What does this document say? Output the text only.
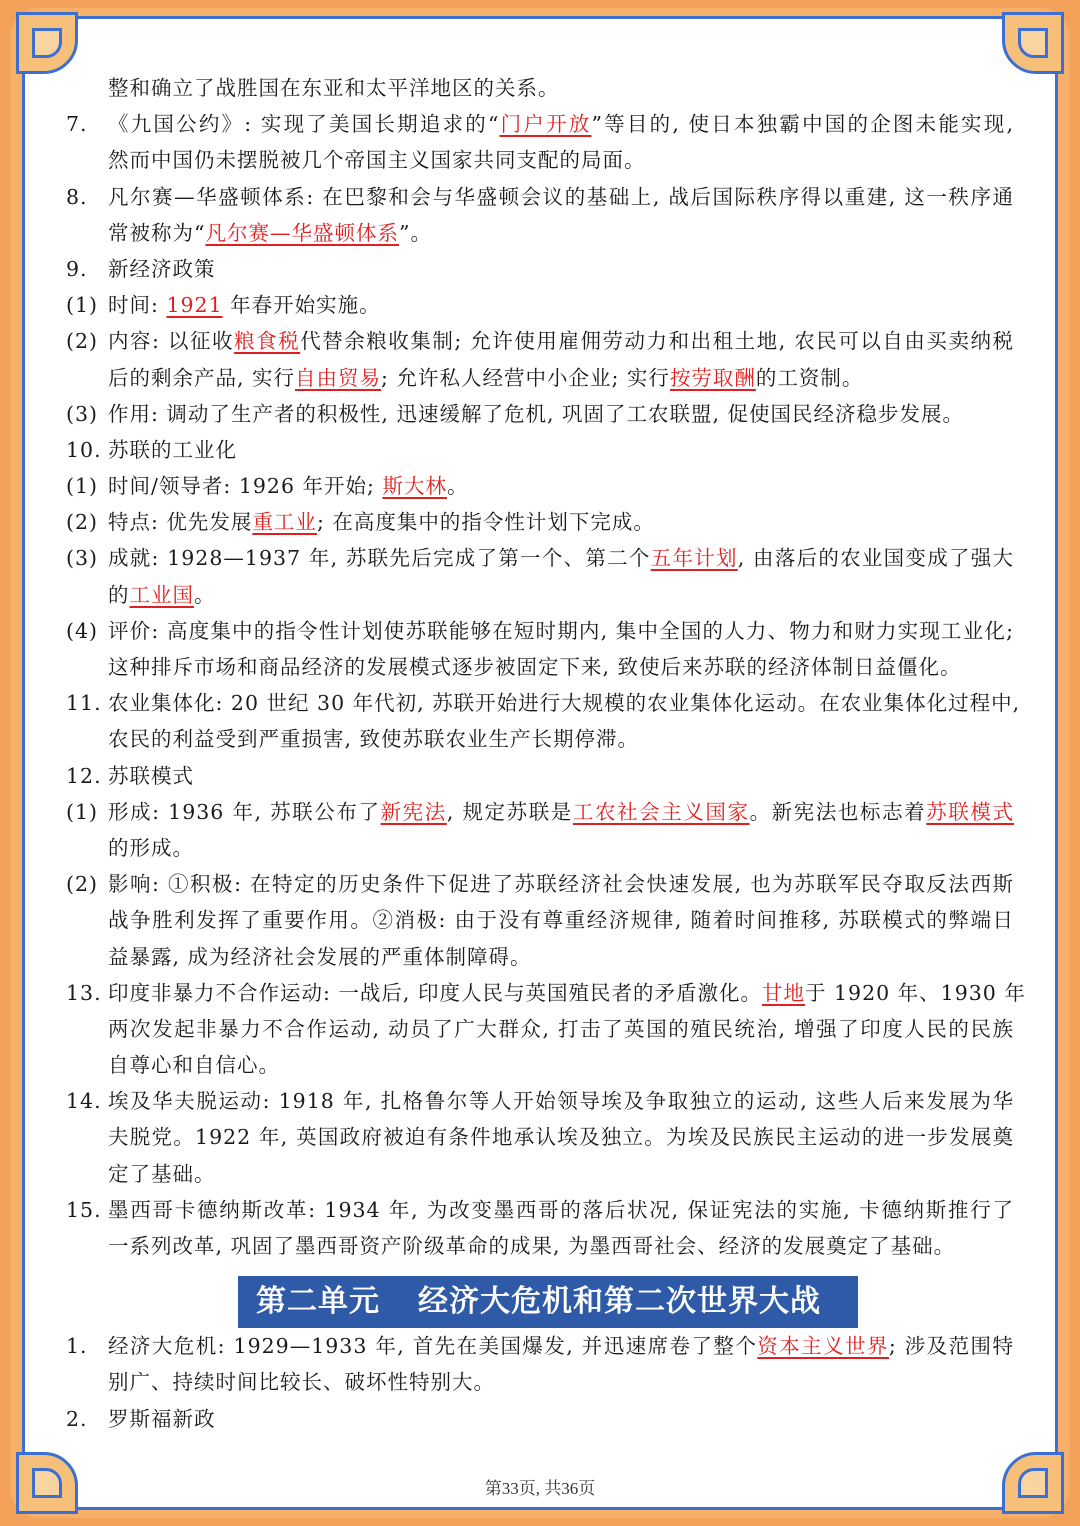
整和确立了战胜国在东亚和太平洋地区的关系。
7. 《九国公约》: 实现了美国长期追求的“门户开放”等目的, 使日本独霸中国的企图未能实现,
然而中国仍未摆脱被几个帝国主义国家共同支配的局面。
8. 凡尔赛—华盛顿体系: 在巴黎和会与华盛顿会议的基础上, 战后国际秩序得以重建, 这一秩序通
常被称为“凡尔赛—华盛顿体系”。
9. 新经济政策
(1) 时间: 1921 年春开始实施。
(2) 内容: 以征收粮食税代替余粮收集制; 允许使用雇佣劳动力和出租土地, 农民可以自由买卖纳税
后的剩余产品, 实行自由贸易; 允许私人经营中小企业; 实行按劳取酬的工资制。
(3) 作用: 调动了生产者的积极性, 迅速缓解了危机, 巩固了工农联盟, 促使国民经济稳步发展。
10. 苏联的工业化
(1) 时间/领导者: 1926 年开始; 斯大林。
(2) 特点: 优先发展重工业; 在高度集中的指令性计划下完成。
(3) 成就: 1928—1937 年, 苏联先后完成了第一个、第二个五年计划, 由落后的农业国变成了强大
的工业国。
(4) 评价: 高度集中的指令性计划使苏联能够在短时期内, 集中全国的人力、物力和财力实现工业化;
这种排斥市场和商品经济的发展模式逐步被固定下来, 致使后来苏联的经济体制日益僵化。
11. 农业集体化: 20 世纪 30 年代初, 苏联开始进行大规模的农业集体化运动。在农业集体化过程中,
农民的利益受到严重损害, 致使苏联农业生产长期停滞。
12. 苏联模式
(1) 形成: 1936 年, 苏联公布了新宪法, 规定苏联是工农社会主义国家。新宪法也标志着苏联模式
的形成。
(2) 影响: ①积极: 在特定的历史条件下促进了苏联经济社会快速发展, 也为苏联军民夺取反法西斯
战争胜利发挥了重要作用。②消极: 由于没有尊重经济规律, 随着时间推移, 苏联模式的弊端日
益暴露, 成为经济社会发展的严重体制障碍。
13. 印度非暴力不合作运动: 一战后, 印度人民与英国殖民者的矛盾激化。甘地于 1920 年、1930 年
两次发起非暴力不合作运动, 动员了广大群众, 打击了英国的殖民统治, 增强了印度人民的民族
自尊心和自信心。
14. 埃及华夫脱运动: 1918 年, 扎格鲁尔等人开始领导埃及争取独立的运动, 这些人后来发展为华
夫脱党。1922 年, 英国政府被迫有条件地承认埃及独立。为埃及民族民主运动的进一步发展奠
定了基础。
15. 墨西哥卡德纳斯改革: 1934 年, 为改变墨西哥的落后状况, 保证宪法的实施, 卡德纳斯推行了
一系列改革, 巩固了墨西哥资产阶级革命的成果, 为墨西哥社会、经济的发展奠定了基础。
第二单元 经济大危机和第二次世界大战
1. 经济大危机: 1929—1933 年, 首先在美国爆发, 并迅速席卷了整个资本主义世界; 涉及范围特
别广、持续时间比较长、破坏性特别大。
2. 罗斯福新政
第33页, 共36页
